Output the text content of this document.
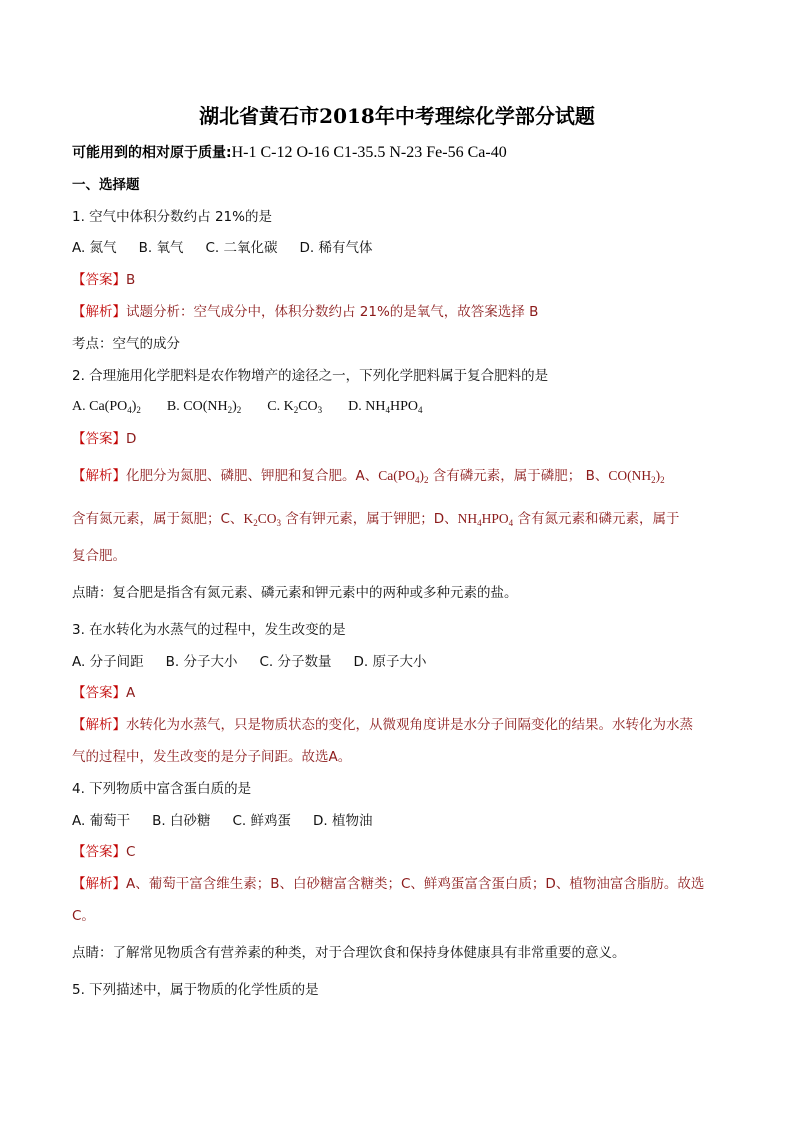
湖北省黄石市2018年中考理综化学部分试题
可能用到的相对原于质量:H-1 C-12 O-16 C1-35.5 N-23 Fe-56 Ca-40
一、选择题
1. 空气中体积分数约占 21%的是
A. 氮气 B. 氧气 C. 二氧化碳 D. 稀有气体
【答案】B
【解析】试题分析：空气成分中，体积分数约占 21%的是氧气，故答案选择 B
考点：空气的成分
2. 合理施用化学肥料是农作物增产的途径之一，下列化学肥料属于复合肥料的是
A. $Ca(PO_4)_2$ B. $CO(NH_2)_2$ C. $K_2CO_3$ D. $NH_4HPO_4$
【答案】D
【解析】化肥分为氮肥、磷肥、钾肥和复合肥。A、$Ca(PO_4)_2$ 含有磷元素，属于磷肥； B、$CO(NH_2)_2$
含有氮元素，属于氮肥；C、$K_2CO_3$ 含有钾元素，属于钾肥；D、$NH_4HPO_4$ 含有氮元素和磷元素，属于
复合肥。
点睛：复合肥是指含有氮元素、磷元素和钾元素中的两种或多种元素的盐。
3. 在水转化为水蒸气的过程中，发生改变的是
A. 分子间距 B. 分子大小 C. 分子数量 D. 原子大小
【答案】A
【解析】水转化为水蒸气，只是物质状态的变化，从微观角度讲是水分子间隔变化的结果。水转化为水蒸
气的过程中，发生改变的是分子间距。故选A。
4. 下列物质中富含蛋白质的是
A. 葡萄干 B. 白砂糖 C. 鲜鸡蛋 D. 植物油
【答案】C
【解析】A、葡萄干富含维生素；B、白砂糖富含糖类；C、鲜鸡蛋富含蛋白质；D、植物油富含脂肪。故选
C。
点睛：了解常见物质含有营养素的种类，对于合理饮食和保持身体健康具有非常重要的意义。
5. 下列描述中，属于物质的化学性质的是
